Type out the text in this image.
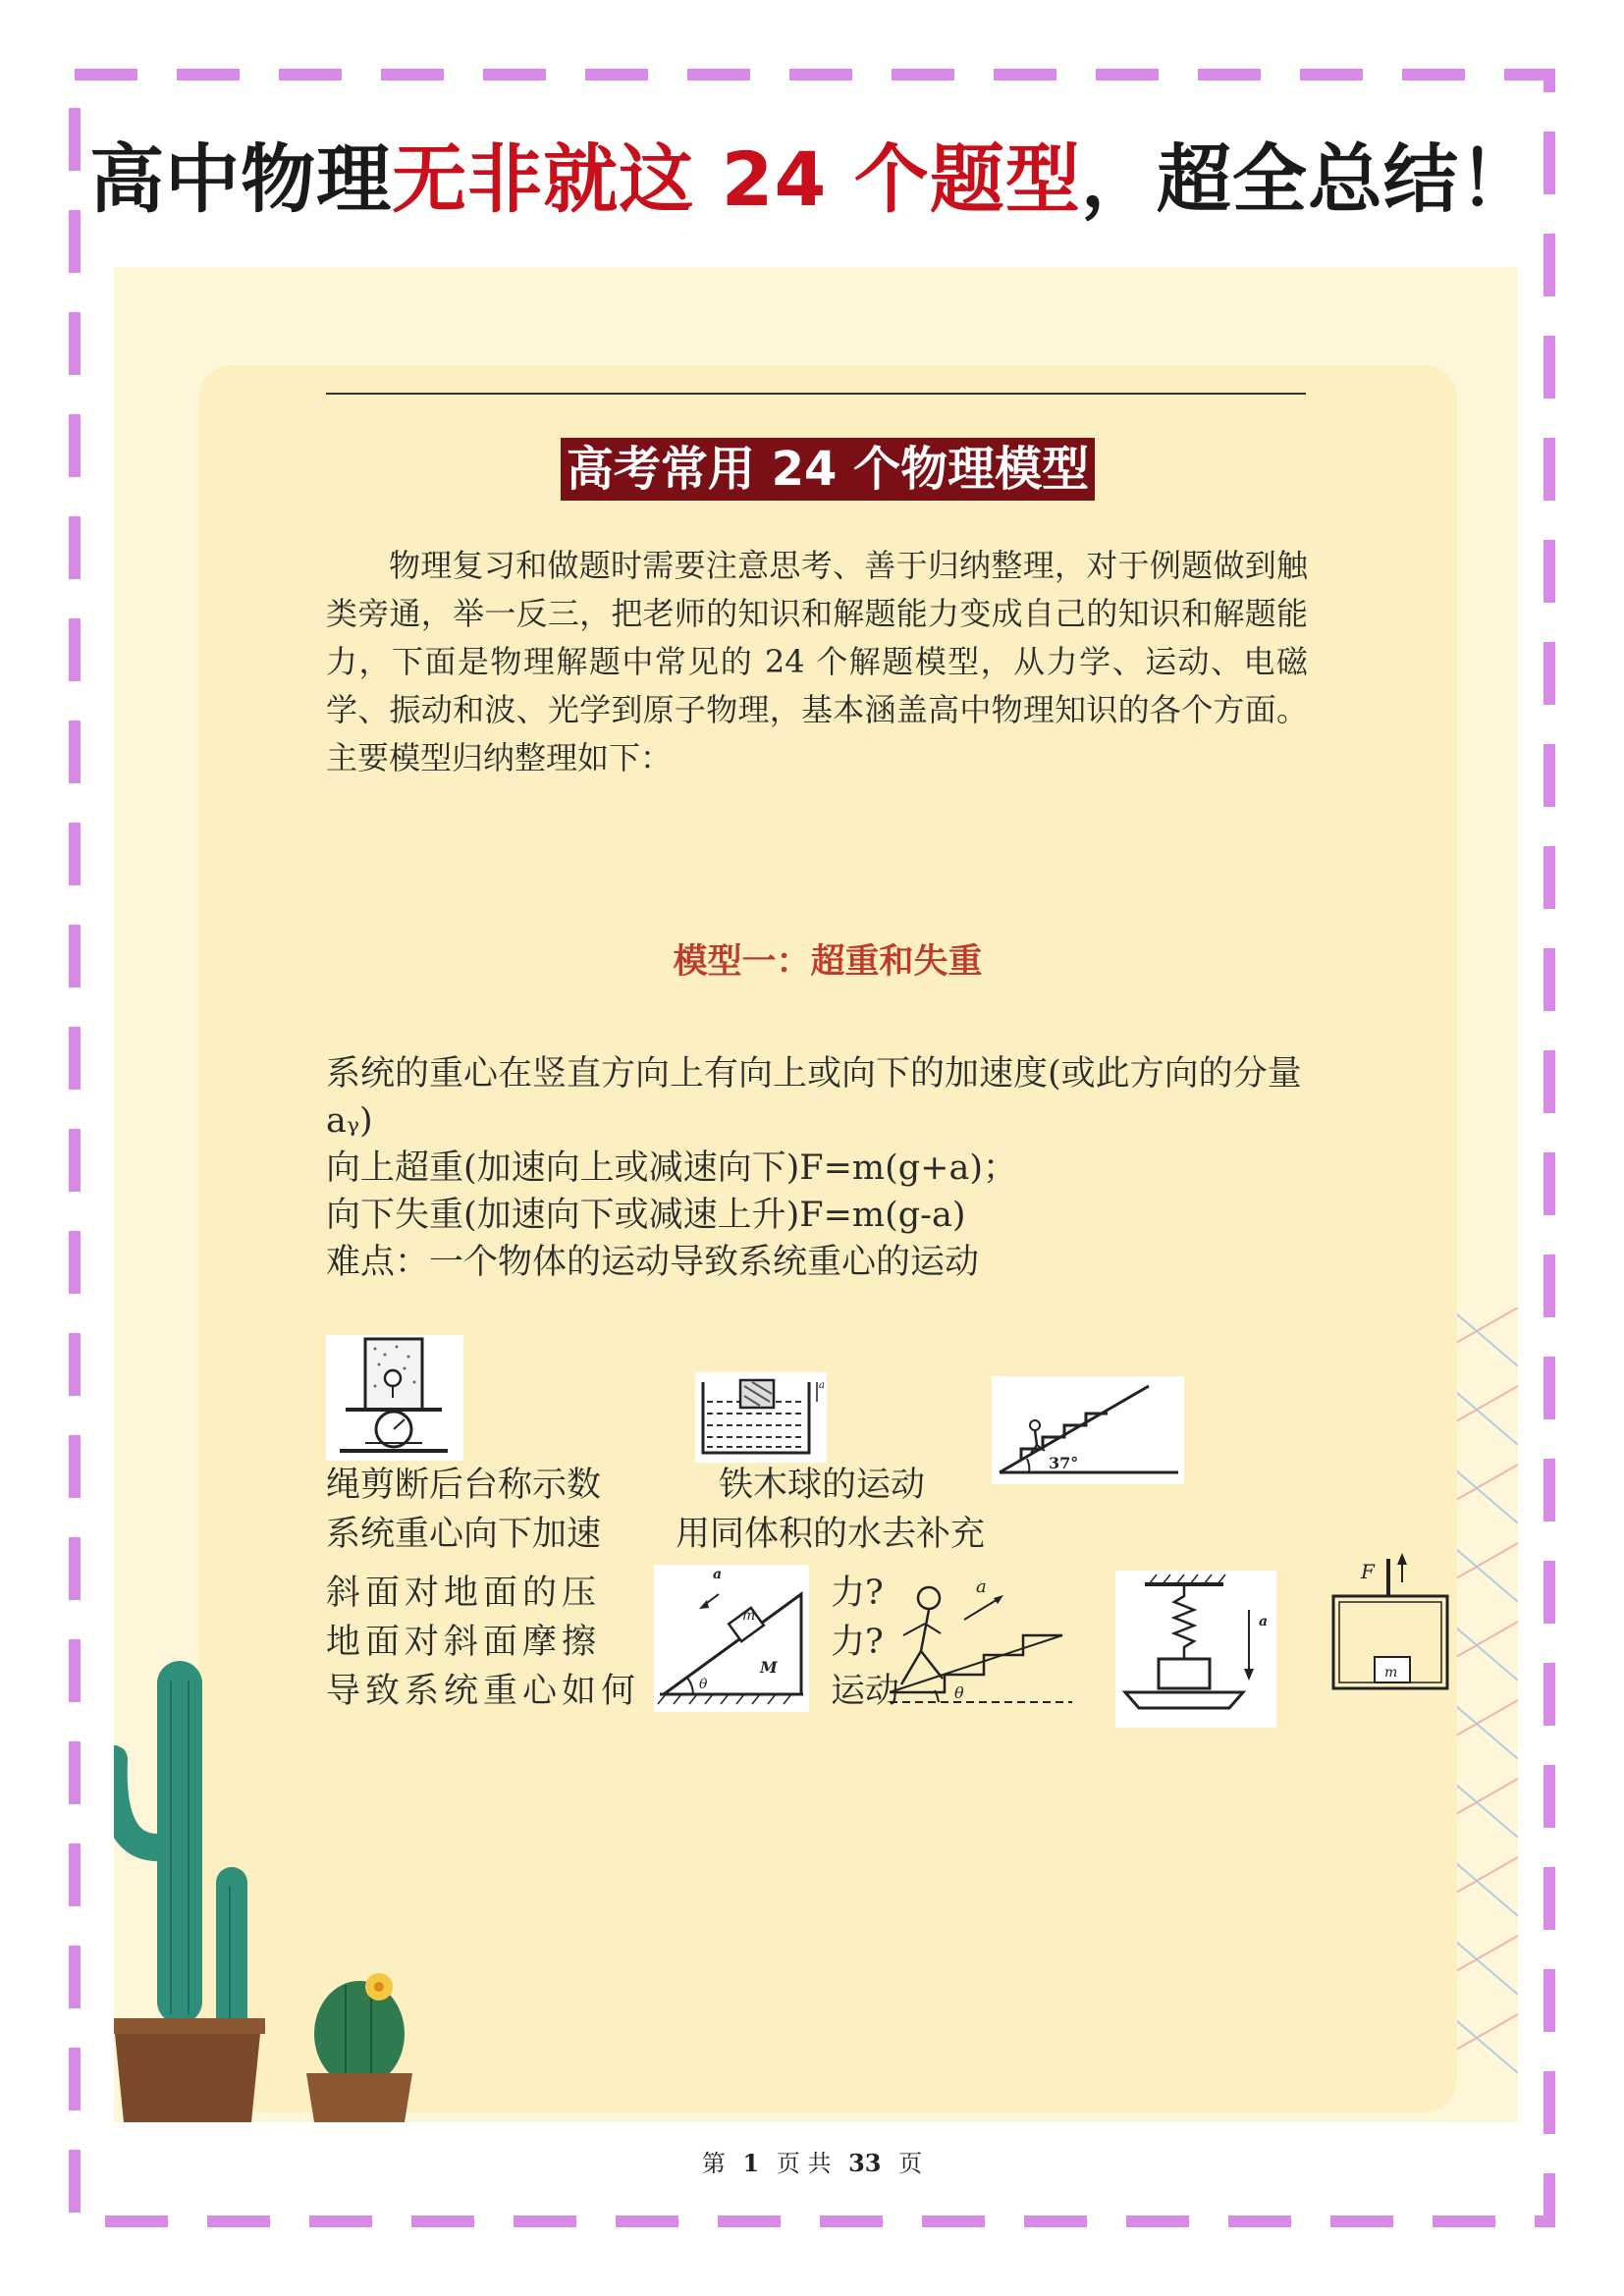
高中物理无非就这 24 个题型，超全总结！
高考常用 24 个物理模型

物理复习和做题时需要注意思考、善于归纳整理，对于例题做到触类旁通，举一反三，把老师的知识和解题能力变成自己的知识和解题能力，下面是物理解题中常见的 24 个解题模型，从力学、运动、电磁学、振动和波、光学到原子物理，基本涵盖高中物理知识的各个方面。主要模型归纳整理如下：

模型一：超重和失重

系统的重心在竖直方向上有向上或向下的加速度(或此方向的分量 aᵧ)

向上超重(加速向上或减速向下)F=m(g+a)；

向下失重(加速向下或减速上升)F=m(g-a)

难点：一个物体的运动导致系统重心的运动

绳剪断后台称示数
系统重心向下加速
a
铁木球的运动
用同体积的水去补充
37°
斜面对地面的压
地面对斜面摩擦
导致系统重心如何
a
m
M
θ
力?
力?
运动
a
θ
a
F
m
第 1 页 共 33 页
